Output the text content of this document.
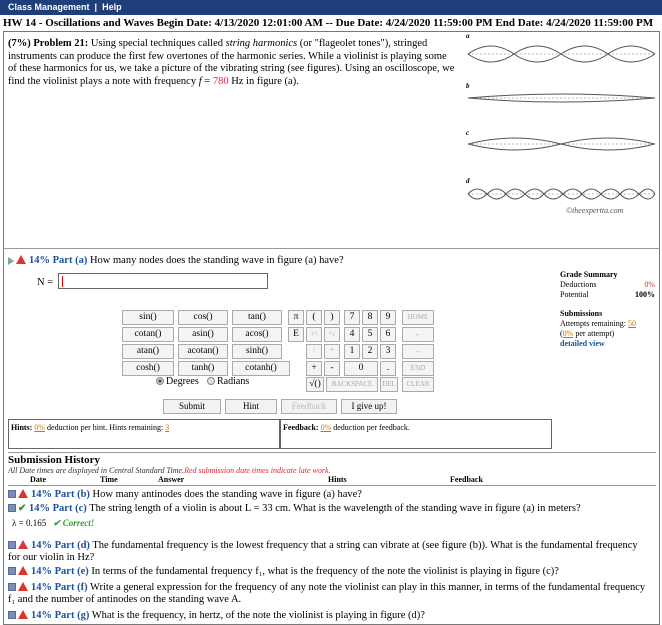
Class Management | Help
HW 14 - Oscillations and Waves Begin Date: 4/13/2020 12:01:00 AM -- Due Date: 4/24/2020 11:59:00 PM End Date: 4/24/2020 11:59:00 PM
(7%) Problem 21: Using special techniques called string harmonics (or "flageolet tones"), stringed instruments can produce the first few overtones of the harmonic series. While a violinist is playing some of these harmonics for us, we take a picture of the vibrating string (see figures). Using an oscilloscope, we find the violinist plays a note with frequency f = 780 Hz in figure (a).
a
b
c
d
©theexpertta.com
14% Part (a) How many nodes does the standing wave in figure (a) have?
N =
Grade Summary
Deductions	0%
Potential	100%
Submissions
Attempts remaining: 50
(0% per attempt)
detailed view
sin()	cos()	tan()
cotan()	asin()	acos()
atan()	acotan()	sinh()
cosh()	tanh()	cotanh()
π	(	)
E	↑^	^↓
/	*
+	-
√()
7	8	9
4	5	6
1	2	3
0	.
HOME
←
→
END
BACKSPACE	DEL	CLEAR
Degrees	Radians
Submit	Hint	Feedback	I give up!
Hints: 0% deduction per hint. Hints remaining: 3	Feedback: 0% deduction per feedback.
Submission History
All Date times are displayed in Central Standard Time.Red submission date times indicate late work.
Date	Time	Answer	Hints	Feedback
14% Part (b) How many antinodes does the standing wave in figure (a) have?
✔ 14% Part (c) The string length of a violin is about L = 33 cm. What is the wavelength of the standing wave in figure (a) in meters?
λ = 0.165 ✔ Correct!
14% Part (d) The fundamental frequency is the lowest frequency that a string can vibrate at (see figure (b)). What is the fundamental frequency for our violin in Hz?
14% Part (e) In terms of the fundamental frequency f₁, what is the frequency of the note the violinist is playing in figure (c)?
14% Part (f) Write a general expression for the frequency of any note the violinist can play in this manner, in terms of the fundamental frequency f₁ and the number of antinodes on the standing wave A.
14% Part (g) What is the frequency, in hertz, of the note the violinist is playing in figure (d)?
